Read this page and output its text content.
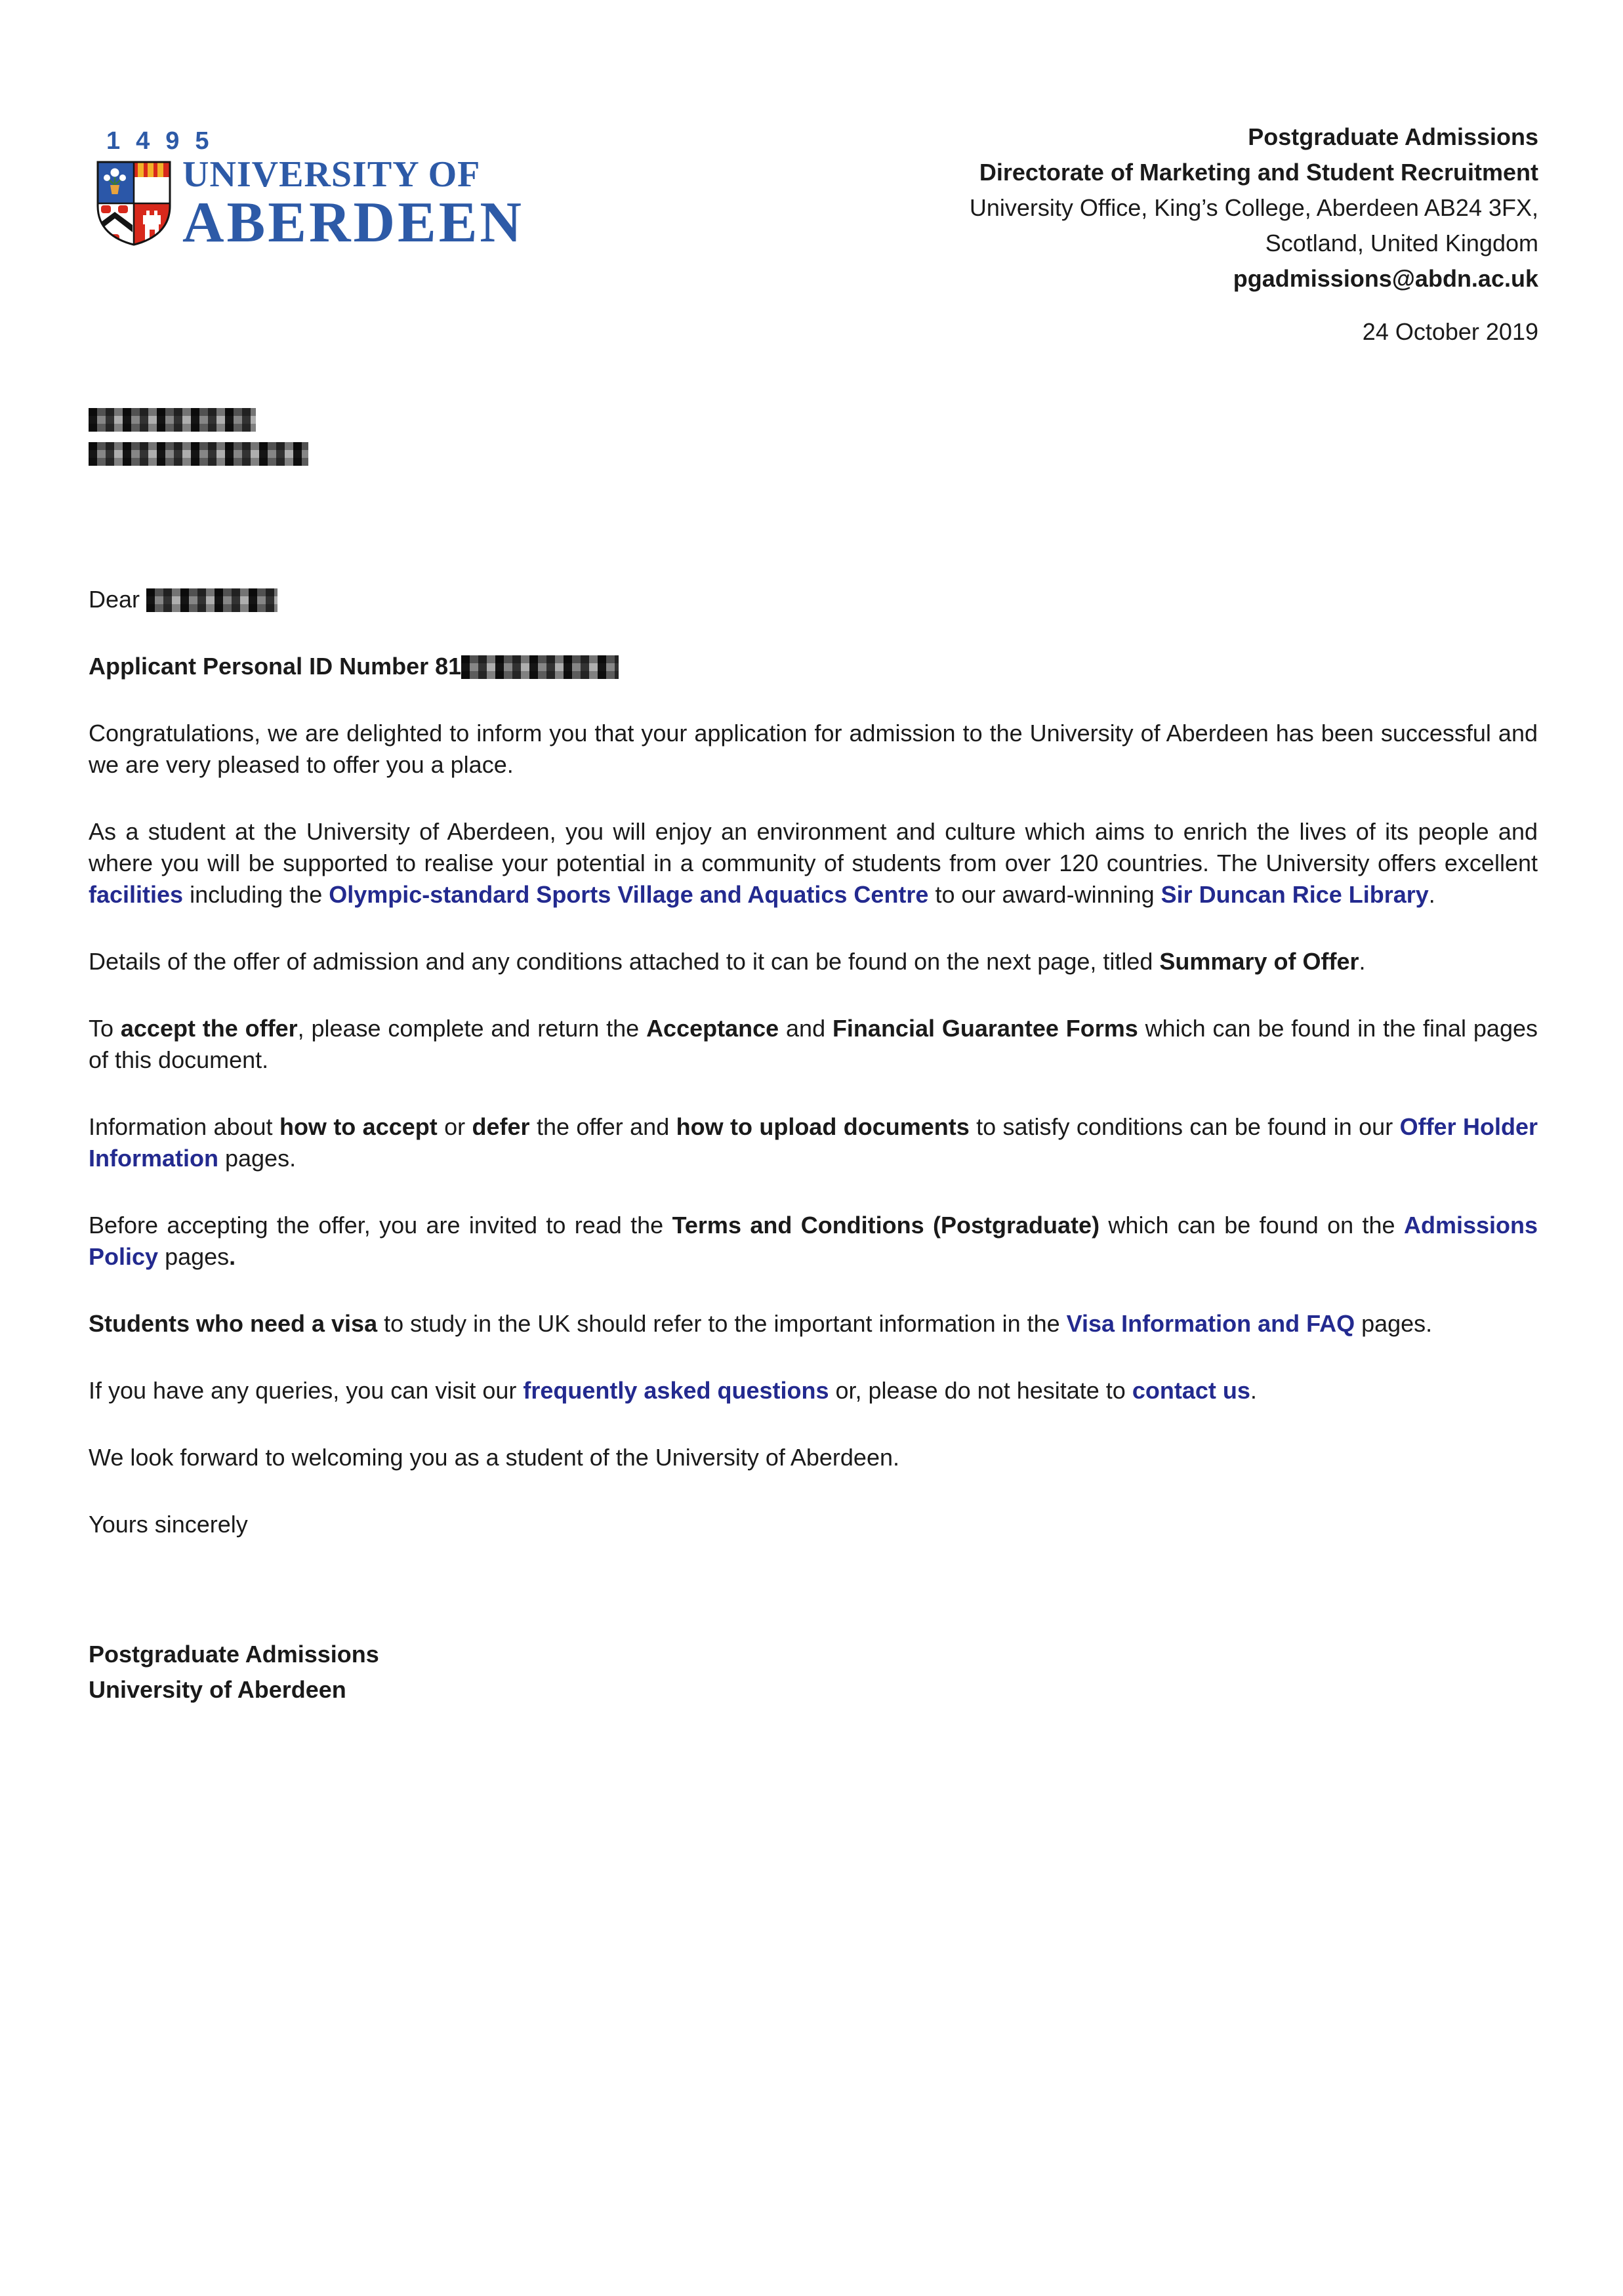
1495
UNIVERSITY OF
ABERDEEN
Postgraduate Admissions
Directorate of Marketing and Student Recruitment
University Office, King’s College, Aberdeen AB24 3FX,
Scotland, United Kingdom
pgadmissions@abdn.ac.uk
24 October 2019

Dear

Applicant Personal ID Number 81

Congratulations, we are delighted to inform you that your application for admission to the University of Aberdeen has been successful and we are very pleased to offer you a place.

As a student at the University of Aberdeen, you will enjoy an environment and culture which aims to enrich the lives of its people and where you will be supported to realise your potential in a community of students from over 120 countries. The University offers excellent facilities including the Olympic-standard Sports Village and Aquatics Centre to our award-winning Sir Duncan Rice Library.

Details of the offer of admission and any conditions attached to it can be found on the next page, titled Summary of Offer.

To accept the offer, please complete and return the Acceptance and Financial Guarantee Forms which can be found in the final pages of this document.

Information about how to accept or defer the offer and how to upload documents to satisfy conditions can be found in our Offer Holder Information pages.

Before accepting the offer, you are invited to read the Terms and Conditions (Postgraduate) which can be found on the Admissions Policy pages.

Students who need a visa to study in the UK should refer to the important information in the Visa Information and FAQ pages.

If you have any queries, you can visit our frequently asked questions or, please do not hesitate to contact us.

We look forward to welcoming you as a student of the University of Aberdeen.

Yours sincerely

Postgraduate Admissions

University of Aberdeen
